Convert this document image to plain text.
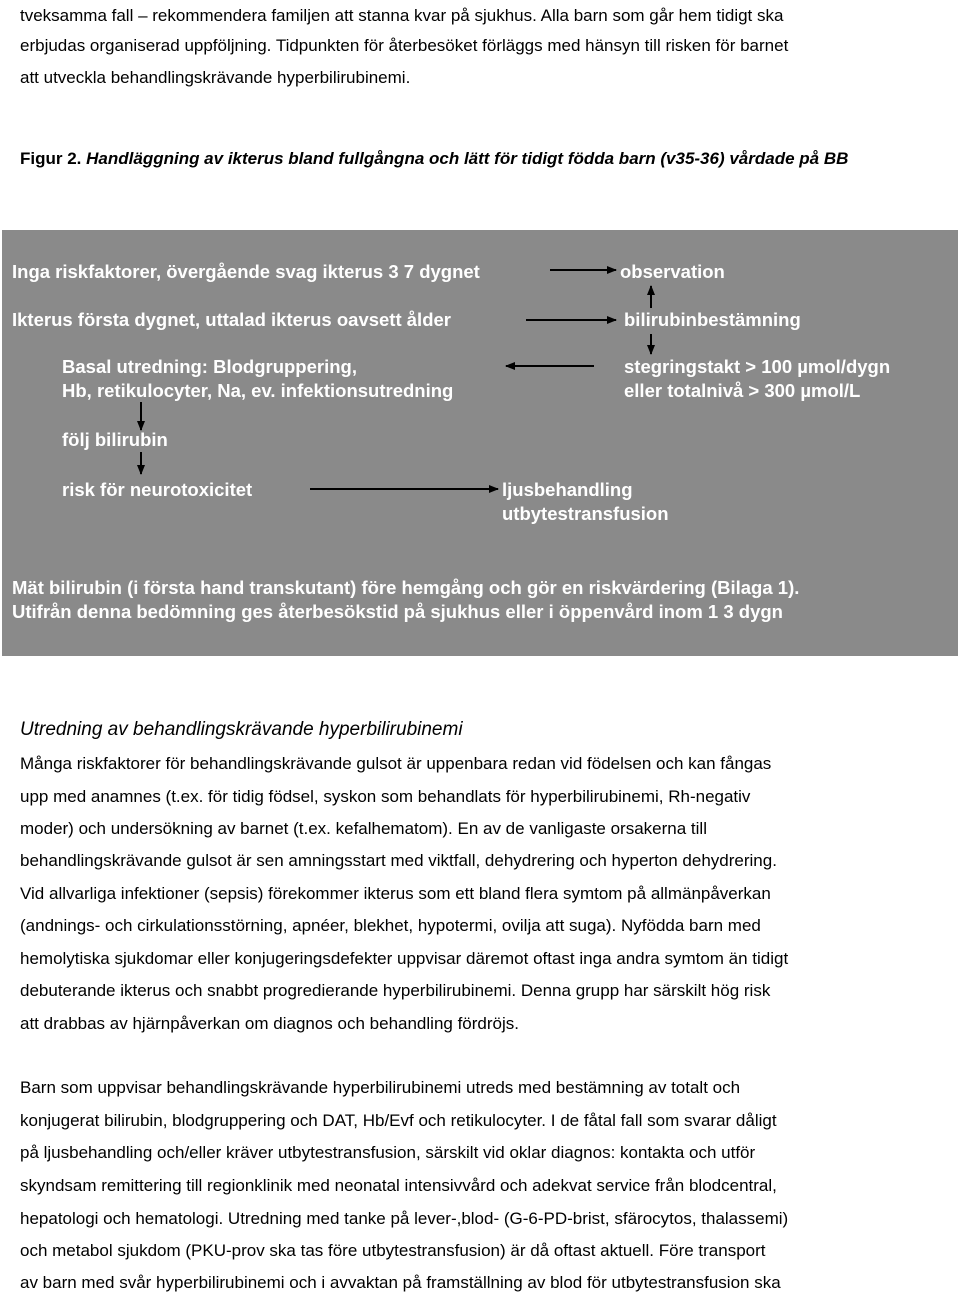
tveksamma fall – rekommendera familjen att stanna kvar på sjukhus. Alla barn som går hem tidigt ska

erbjudas organiserad uppföljning. Tidpunkten för återbesöket förläggs med hänsyn till risken för barnet

att utveckla behandlingskrävande hyperbilirubinemi.

Figur 2. Handläggning av ikterus bland fullgångna och lätt för tidigt födda barn (v35-36) vårdade på BB

Inga riskfaktorer, övergående svag ikterus 3 7 dygnet	observation
Ikterus första dygnet, uttalad ikterus oavsett ålder	bilirubinbestämning
Basal utredning: Blodgruppering,
Hb, retikulocyter, Na, ev. infektionsutredning
stegringstakt > 100 µmol/dygn
eller totalnivå > 300 µmol/L
följ bilirubin
risk för neurotoxicitet	ljusbehandling
utbytestransfusion
Mät bilirubin (i första hand transkutant) före hemgång och gör en riskvärdering (Bilaga 1).
Utifrån denna bedömning ges återbesökstid på sjukhus eller i öppenvård inom 1 3 dygn

Utredning av behandlingskrävande hyperbilirubinemi

Många riskfaktorer för behandlingskrävande gulsot är uppenbara redan vid födelsen och kan fångas

upp med anamnes (t.ex. för tidig födsel, syskon som behandlats för hyperbilirubinemi, Rh-negativ

moder) och undersökning av barnet (t.ex. kefalhematom). En av de vanligaste orsakerna till

behandlingskrävande gulsot är sen amningsstart med viktfall, dehydrering och hyperton dehydrering.

Vid allvarliga infektioner (sepsis) förekommer ikterus som ett bland flera symtom på allmänpåverkan

(andnings- och cirkulationsstörning, apnéer, blekhet, hypotermi, ovilja att suga). Nyfödda barn med

hemolytiska sjukdomar eller konjugeringsdefekter uppvisar däremot oftast inga andra symtom än tidigt

debuterande ikterus och snabbt progredierande hyperbilirubinemi. Denna grupp har särskilt hög risk

att drabbas av hjärnpåverkan om diagnos och behandling fördröjs.

Barn som uppvisar behandlingskrävande hyperbilirubinemi utreds med bestämning av totalt och

konjugerat bilirubin, blodgruppering och DAT, Hb/Evf och retikulocyter. I de fåtal fall som svarar dåligt

på ljusbehandling och/eller kräver utbytestransfusion, särskilt vid oklar diagnos: kontakta och utför

skyndsam remittering till regionklinik med neonatal intensivvård och adekvat service från blodcentral,

hepatologi och hematologi. Utredning med tanke på lever-,blod- (G-6-PD-brist, sfärocytos, thalassemi)

och metabol sjukdom (PKU-prov ska tas före utbytestransfusion) är då oftast aktuell. Före transport

av barn med svår hyperbilirubinemi och i avvaktan på framställning av blod för utbytestransfusion ska
